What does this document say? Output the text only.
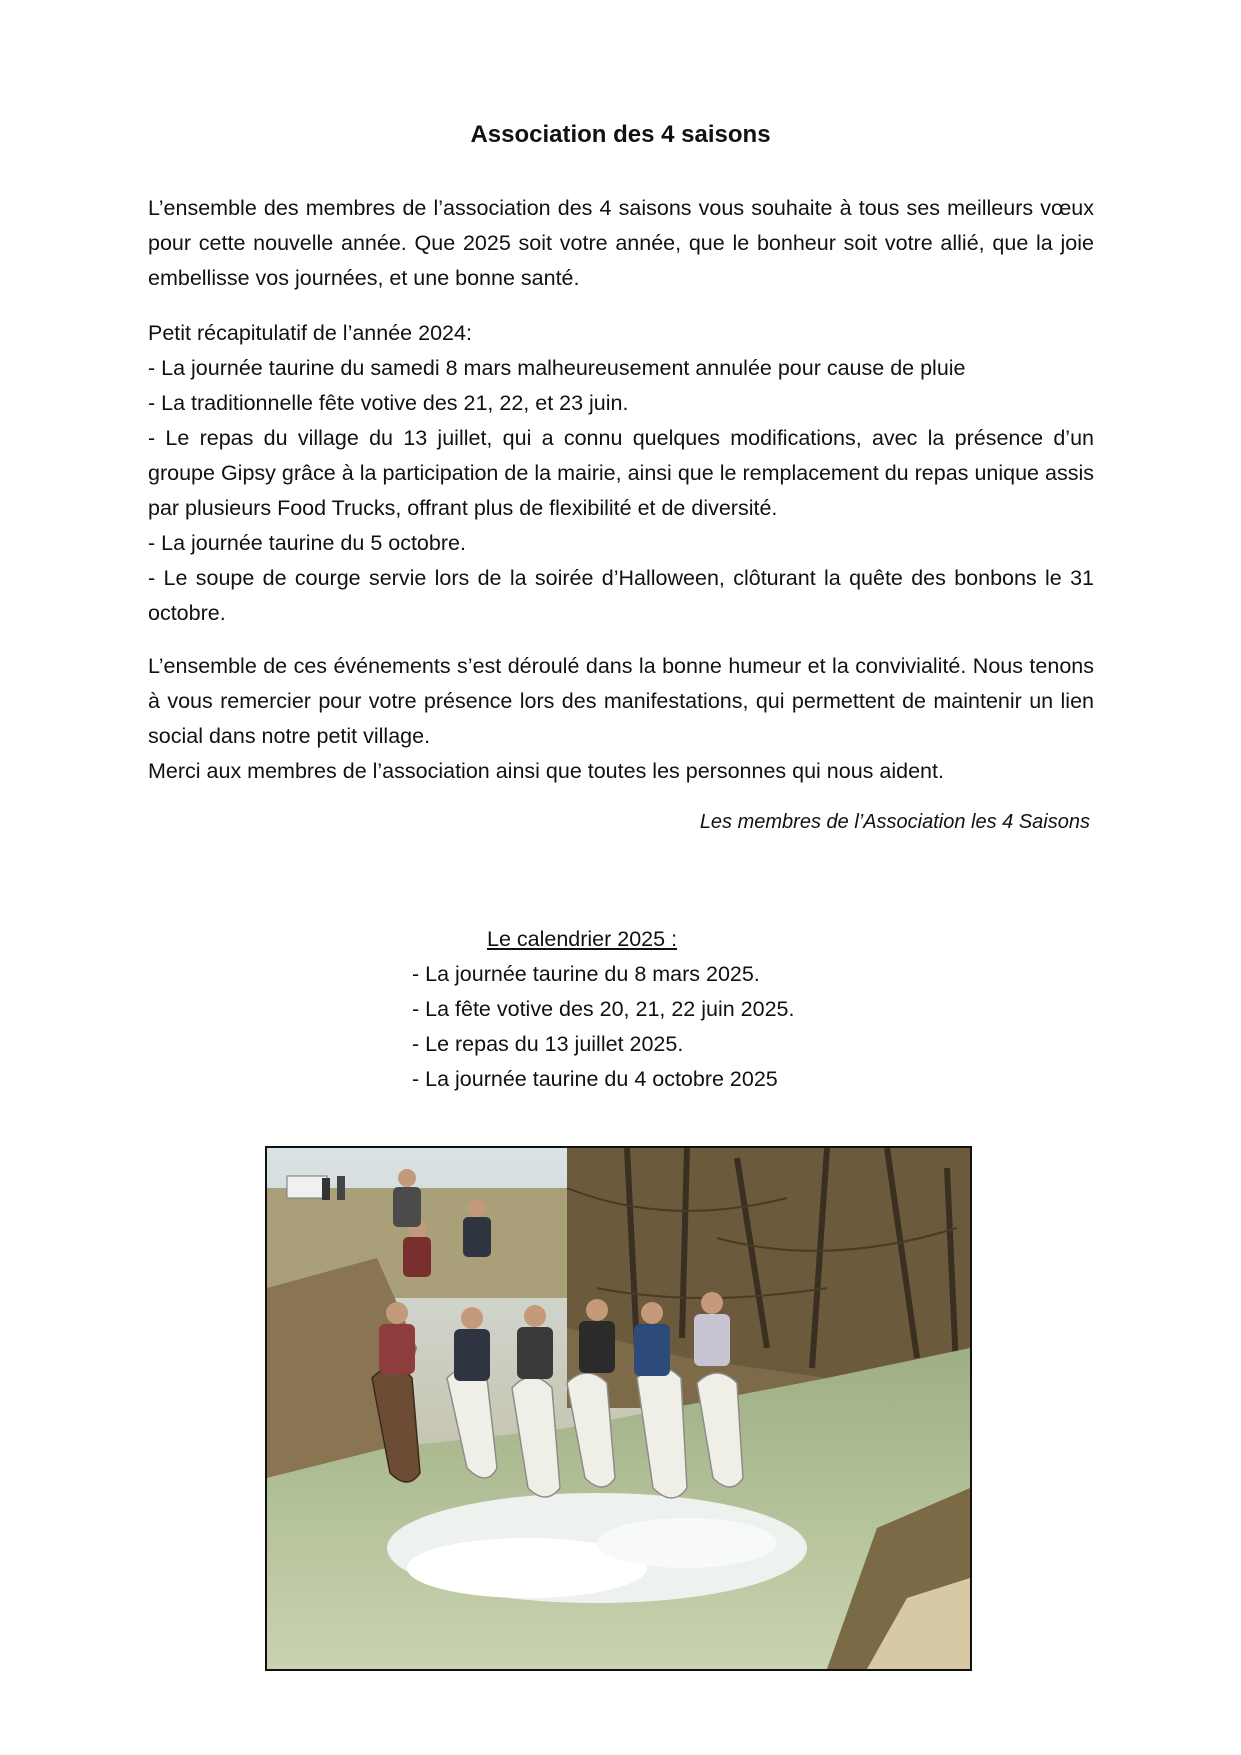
Association des 4 saisons

L’ensemble des membres de l’association des 4 saisons vous souhaite à tous ses meilleurs vœux pour cette nouvelle année. Que 2025 soit votre année, que le bonheur soit votre allié, que la joie embellisse vos journées, et une bonne santé.

Petit récapitulatif de l’année 2024:
- La journée taurine du samedi 8 mars malheureusement annulée pour cause de pluie
- La traditionnelle fête votive des 21, 22, et 23 juin.
- Le repas du village du 13 juillet, qui a connu quelques modifications, avec la présence d’un groupe Gipsy grâce à la participation de la mairie, ainsi que le remplacement du repas unique assis par plusieurs Food Trucks, offrant plus de flexibilité et de diversité.
- La journée taurine du 5 octobre.
- Le soupe de courge servie lors de la soirée d’Halloween, clôturant la quête des bonbons le 31 octobre.
L’ensemble de ces événements s’est déroulé dans la bonne humeur et la convivialité. Nous tenons à vous remercier pour votre présence lors des manifestations, qui permettent de maintenir un lien social dans notre petit village.
Merci aux membres de l’association ainsi que toutes les personnes qui nous aident.
Les membres de l’Association les 4 Saisons
Le calendrier 2025 :
- La journée taurine du 8 mars 2025.
- La fête votive des 20, 21, 22 juin 2025.
- Le repas du 13 juillet 2025.
- La journée taurine du 4 octobre 2025
